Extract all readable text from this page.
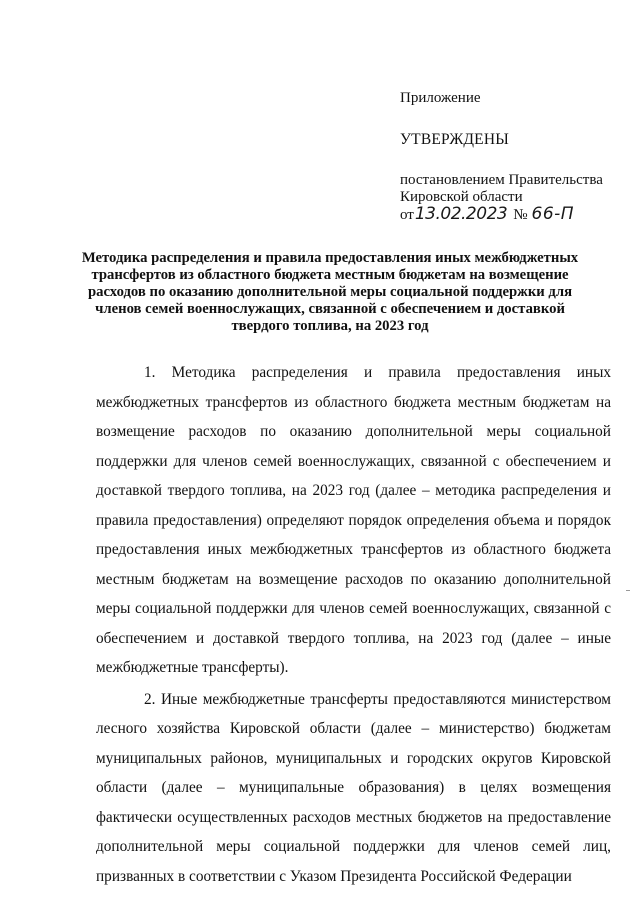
Приложение

УТВЕРЖДЕНЫ

постановлением Правительства

Кировской области

от 13.02.2023 № 66-П

Методика распределения и правила предоставления иных межбюджетных трансфертов из областного бюджета местным бюджетам на возмещение расходов по оказанию дополнительной меры социальной поддержки для членов семей военнослужащих, связанной с обеспечением и доставкой твердого топлива, на 2023 год

1. Методика распределения и правила предоставления иных межбюджетных трансфертов из областного бюджета местным бюджетам на возмещение расходов по оказанию дополнительной меры социальной поддержки для членов семей военнослужащих, связанной с обеспечением и доставкой твердого топлива, на 2023 год (далее – методика распределения и правила предоставления) определяют порядок определения объема и порядок предоставления иных межбюджетных трансфертов из областного бюджета местным бюджетам на возмещение расходов по оказанию дополнительной меры социальной поддержки для членов семей военнослужащих, связанной с обеспечением и доставкой твердого топлива, на 2023 год (далее – иные межбюджетные трансферты).

2. Иные межбюджетные трансферты предоставляются министерством лесного хозяйства Кировской области (далее – министерство) бюджетам муниципальных районов, муниципальных и городских округов Кировской области (далее – муниципальные образования) в целях возмещения фактически осуществленных расходов местных бюджетов на предоставление дополнительной меры социальной поддержки для членов семей лиц, призванных в соответствии с Указом Президента Российской Федерации
